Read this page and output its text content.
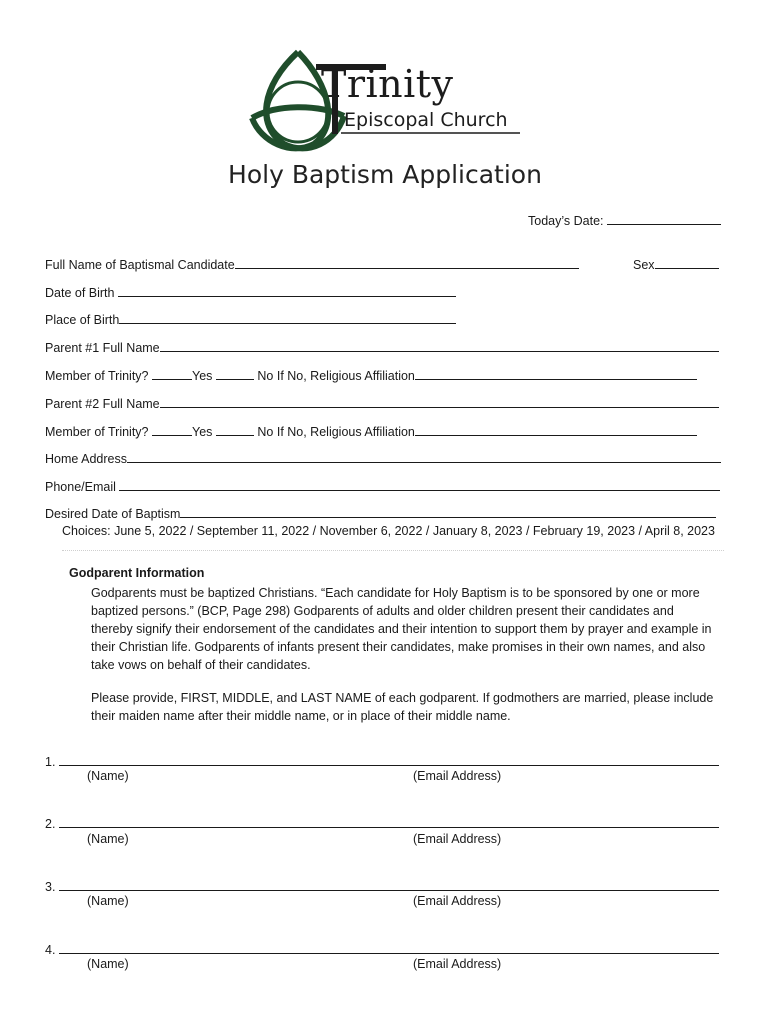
Trinity
Episcopal Church
Holy Baptism Application
Today’s Date:
Full Name of Baptismal Candidate	Sex
Date of Birth
Place of Birth
Parent #1 Full Name
Member of Trinity?	Yes	No If No, Religious Affiliation
Parent #2 Full Name
Member of Trinity?	Yes	No If No, Religious Affiliation
Home Address
Phone/Email
Desired Date of Baptism
Choices: June 5, 2022 / September 11, 2022 / November 6, 2022 / January 8, 2023 / February 19, 2023 / April 8, 2023
Godparent Information
Godparents must be baptized Christians. “Each candidate for Holy Baptism is to be sponsored by one or more baptized persons.” (BCP, Page 298) Godparents of adults and older children present their candidates and thereby signify their endorsement of the candidates and their intention to support them by prayer and example in their Christian life. Godparents of infants present their candidates, make promises in their own names, and also take vows on behalf of their candidates.
Please provide, FIRST, MIDDLE, and LAST NAME of each godparent. If godmothers are married, please include their maiden name after their middle name, or in place of their middle name.
1.
(Name)	(Email Address)
2.
(Name)	(Email Address)
3.
(Name)	(Email Address)
4.
(Name)	(Email Address)
